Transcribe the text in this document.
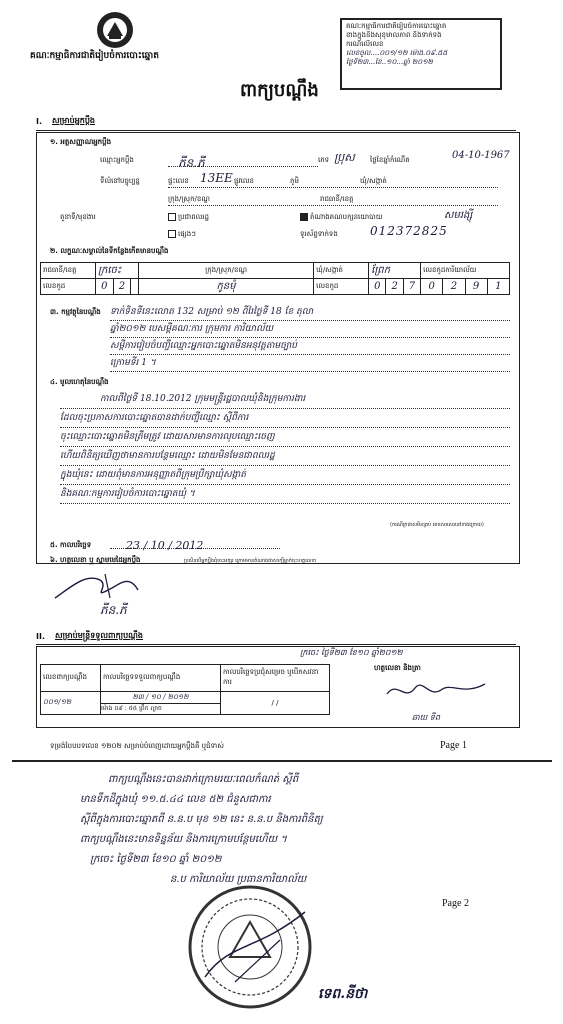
គណៈកម្មាធិការជាតិរៀបចំការបោះឆ្នោត
ពាក្យបណ្ដឹង
គណៈកម្មាធិការជាតិរៀបចំការបោះឆ្នោត
ខាងក្នុងនិងសុខុមាលភាព និងទាក់ទង
ករណីលើលេខ
លេខចូល....០០១/១២ ម៉ោង.០៩.៥៥
ថ្ងៃទី២៣...ខែ..១០...ឆ្នាំ ២០១២
I. សម្រាប់អ្នកប្ដឹង
១. អត្តសញ្ញាណអ្នកប្ដឹង
ឈ្មោះអ្នកប្ដឹង	ភីន.ភី	ភេទ ប្រុស ថ្ងៃខែឆ្នាំកំណើត	04-10-1967
ទីលំនៅបច្ចុប្បន្ន	ផ្ទះលេខ 13EE ផ្លូវលេខ	ភូមិ	ឃុំ/សង្កាត់
ក្រុង/ស្រុក/ខណ្ឌ	រាជធានី/ខេត្ត
តួនាទី/មុខងារ	ប្រជាពលរដ្ឋ	តំណាងគណបក្សនយោបាយ	សមរង្ស៊ី
ផ្សេងៗ	ទូរស័ព្ទទាក់ទង	012372825
២. លក្ខណៈសម្គាល់នៃទីកន្លែងកើតមានបណ្ដឹង
រាជធានី/ខេត្ត	ក្រចេះ			ក្រុង/ស្រុក/ខណ្ឌ	ឃុំ/សង្កាត់	ព្រែក			លេខកូដការិយាល័យ			
លេខកូដ	0	2		កូនមុំ	លេខកូដ	0	2	7	0	2	9	1
៣. កម្មវត្ថុនៃបណ្ដឹង ទាក់ទិនទីនេះលោត 132 សម្រាប់ ១២ ពីរៃថ្ងៃទី 18 ខែ តុលា
ឆ្នាំ២០១២ បេសម្ដីគណៈការ ក្រុមការ ការិយាល័យ
សម្ដីការរៀបចំបញ្ជីឈ្មោះអ្នកបោះឆ្នោតមិនអនុវត្តតាមច្បាប់
ក្រោមទីរ 1 ។
៤. មូលហេតុនៃបណ្ដឹង
កាលពីថ្ងៃទី 18.10.2012 ក្រុមមន្ត្រីរដ្ឋបាលឃុំនិងក្រុមការងារ
ដែលចុះប្រកាសការបោះឆ្នោតបានដាក់បញ្ជីឈ្មោះ ស្ដីពីការ
ចុះឈ្មោះបោះឆ្នោតមិនត្រឹមត្រូវ ដោយសារមានការលុបឈ្មោះចេញ
ហើយពិនិត្យឃើញថាមានការបន្ថែមឈ្មោះ ដោយមិនមែនជាពលរដ្ឋ
ក្នុងឃុំនេះ ដោយពុំមានការអនុញ្ញាតពីក្រុមប្រឹក្សាឃុំសង្កាត់
និងគណៈកម្មការរៀបចំការបោះឆ្នោតឃុំ ។
(ករណីក្រដាសមិនគ្រប់ អាចសរសេរនៅខាងក្រោយ)
៥. កាលបរិច្ឆេទ	23 / 10 / 2012
៦. ហត្ថលេខា ឬ ស្នាមមេដៃអ្នកប្ដឹង	ប្រសិនបើអ្នកប្ដឹងពុំចេះអក្សរ ក្រោមមានតំណាងជាសាក្សីម្នាក់ចុះហត្ថលេខា
ភីន.ភី
II. សម្រាប់មន្ត្រីទទួលពាក្យបណ្ដឹង
ក្រចេះ ថ្ងៃទី២៣ ខែ១០ ឆ្នាំ២០១២
ហត្ថលេខា និងត្រា
លេខពាក្យបណ្ដឹង	កាលបរិច្ឆេទទទួលពាក្យបណ្ដឹង	កាលបរិច្ឆេទប្រជុំសម្រេច ឬបើកសវនាការ
០០១/១២	២៣ / ១០ / ២០១២
ម៉ោង ០៩ : ៥៥ ព្រឹក ល្ងាច	/ /
ឆាយ ទីព
ទម្រង់បែបបទលេខ ១២០២ សម្រាប់បំពេញដោយអ្នកប្ដឹងគឺ ឬជំទាស់	Page 1
ពាក្យបណ្ដឹងនេះបានដាក់ក្រោមរយៈពេលកំណត់ ស្ដីពី
មានទឹកដីក្នុងឃុំ ១១.៥.៤៤ លេខ ៥២ ជំនួសជាការ
ស្ដីពីក្នុងការបោះឆ្នោតពី ន.ន.ប មុខ ១២ នេះ ន.ន.ប និងការពិនិត្យ
ពាក្យបណ្ដឹងនេះមានទិន្នន័យ និងការក្រោមបន្ថែមហើយ ។
ក្រចេះ ថ្ងៃទី២៣ ខែ១០ ឆ្នាំ ២០១២
ន.ប ការិយាល័យ ប្រធានការិយាល័យ
Page 2
ទេព.នីថា
